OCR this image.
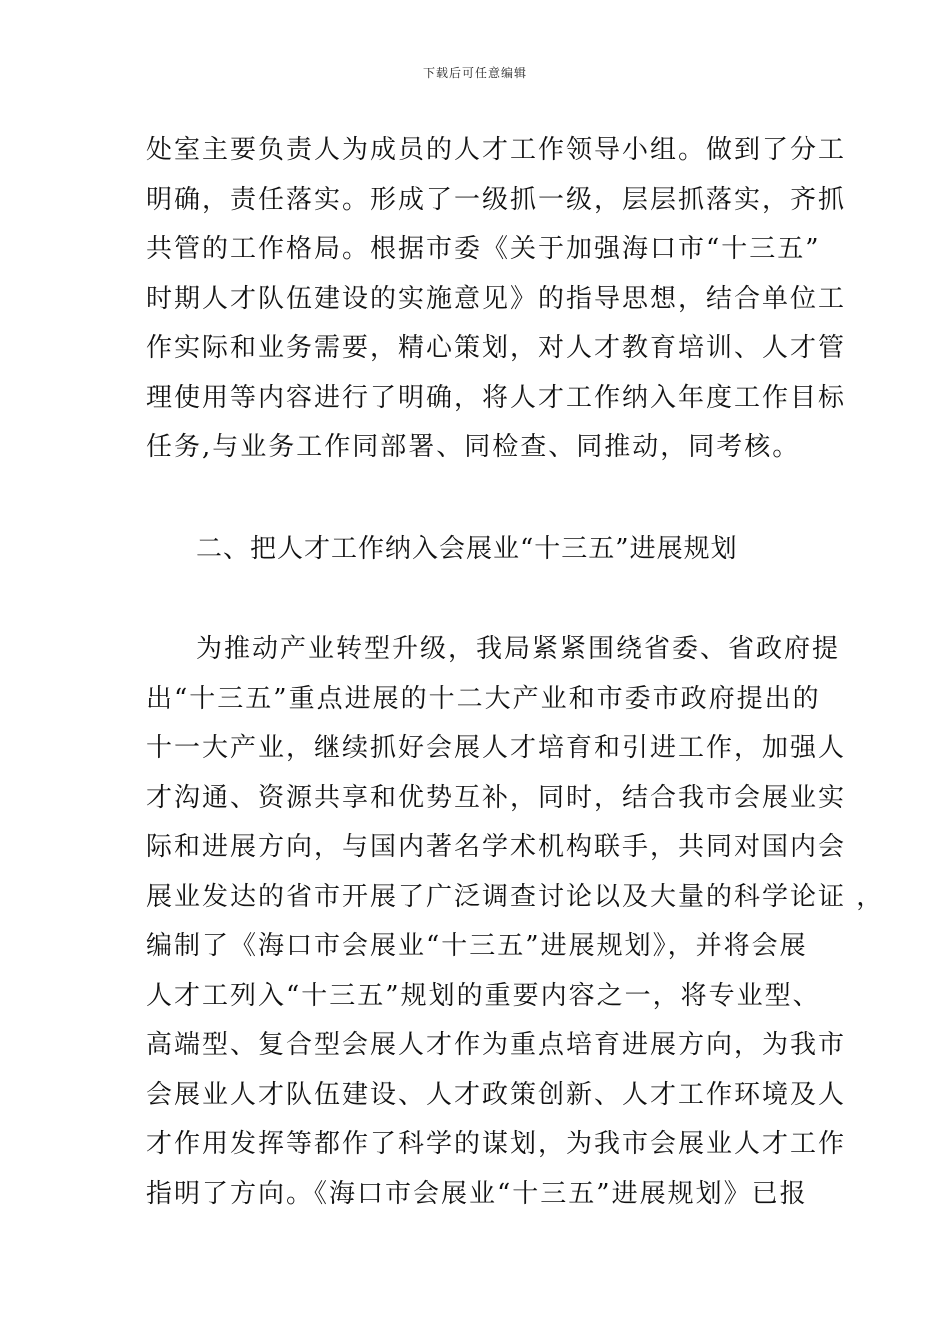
下载后可任意编辑
处室主要负责人为成员的人才工作领导小组。做到了分工
明确，责任落实。形成了一级抓一级，层层抓落实，齐抓
共管的工作格局。根据市委《关于加强海口市“十三五”
时期人才队伍建设的实施意见》的指导思想，结合单位工
作实际和业务需要，精心策划，对人才教育培训、人才管
理使用等内容进行了明确，将人才工作纳入年度工作目标
任务,与业务工作同部署、同检查、同推动，同考核。
二、把人才工作纳入会展业“十三五”进展规划
为推动产业转型升级，我局紧紧围绕省委、省政府提
出“十三五”重点进展的十二大产业和市委市政府提出的
十一大产业，继续抓好会展人才培育和引进工作，加强人
才沟通、资源共享和优势互补，同时，结合我市会展业实
际和进展方向，与国内著名学术机构联手，共同对国内会
展业发达的省市开展了广泛调查讨论以及大量的科学论证 ，
编制了《海口市会展业“十三五”进展规划》，并将会展
人才工列入“十三五”规划的重要内容之一，将专业型、
高端型、复合型会展人才作为重点培育进展方向，为我市
会展业人才队伍建设、人才政策创新、人才工作环境及人
才作用发挥等都作了科学的谋划，为我市会展业人才工作
指明了方向。《海口市会展业“十三五”进展规划》已报
